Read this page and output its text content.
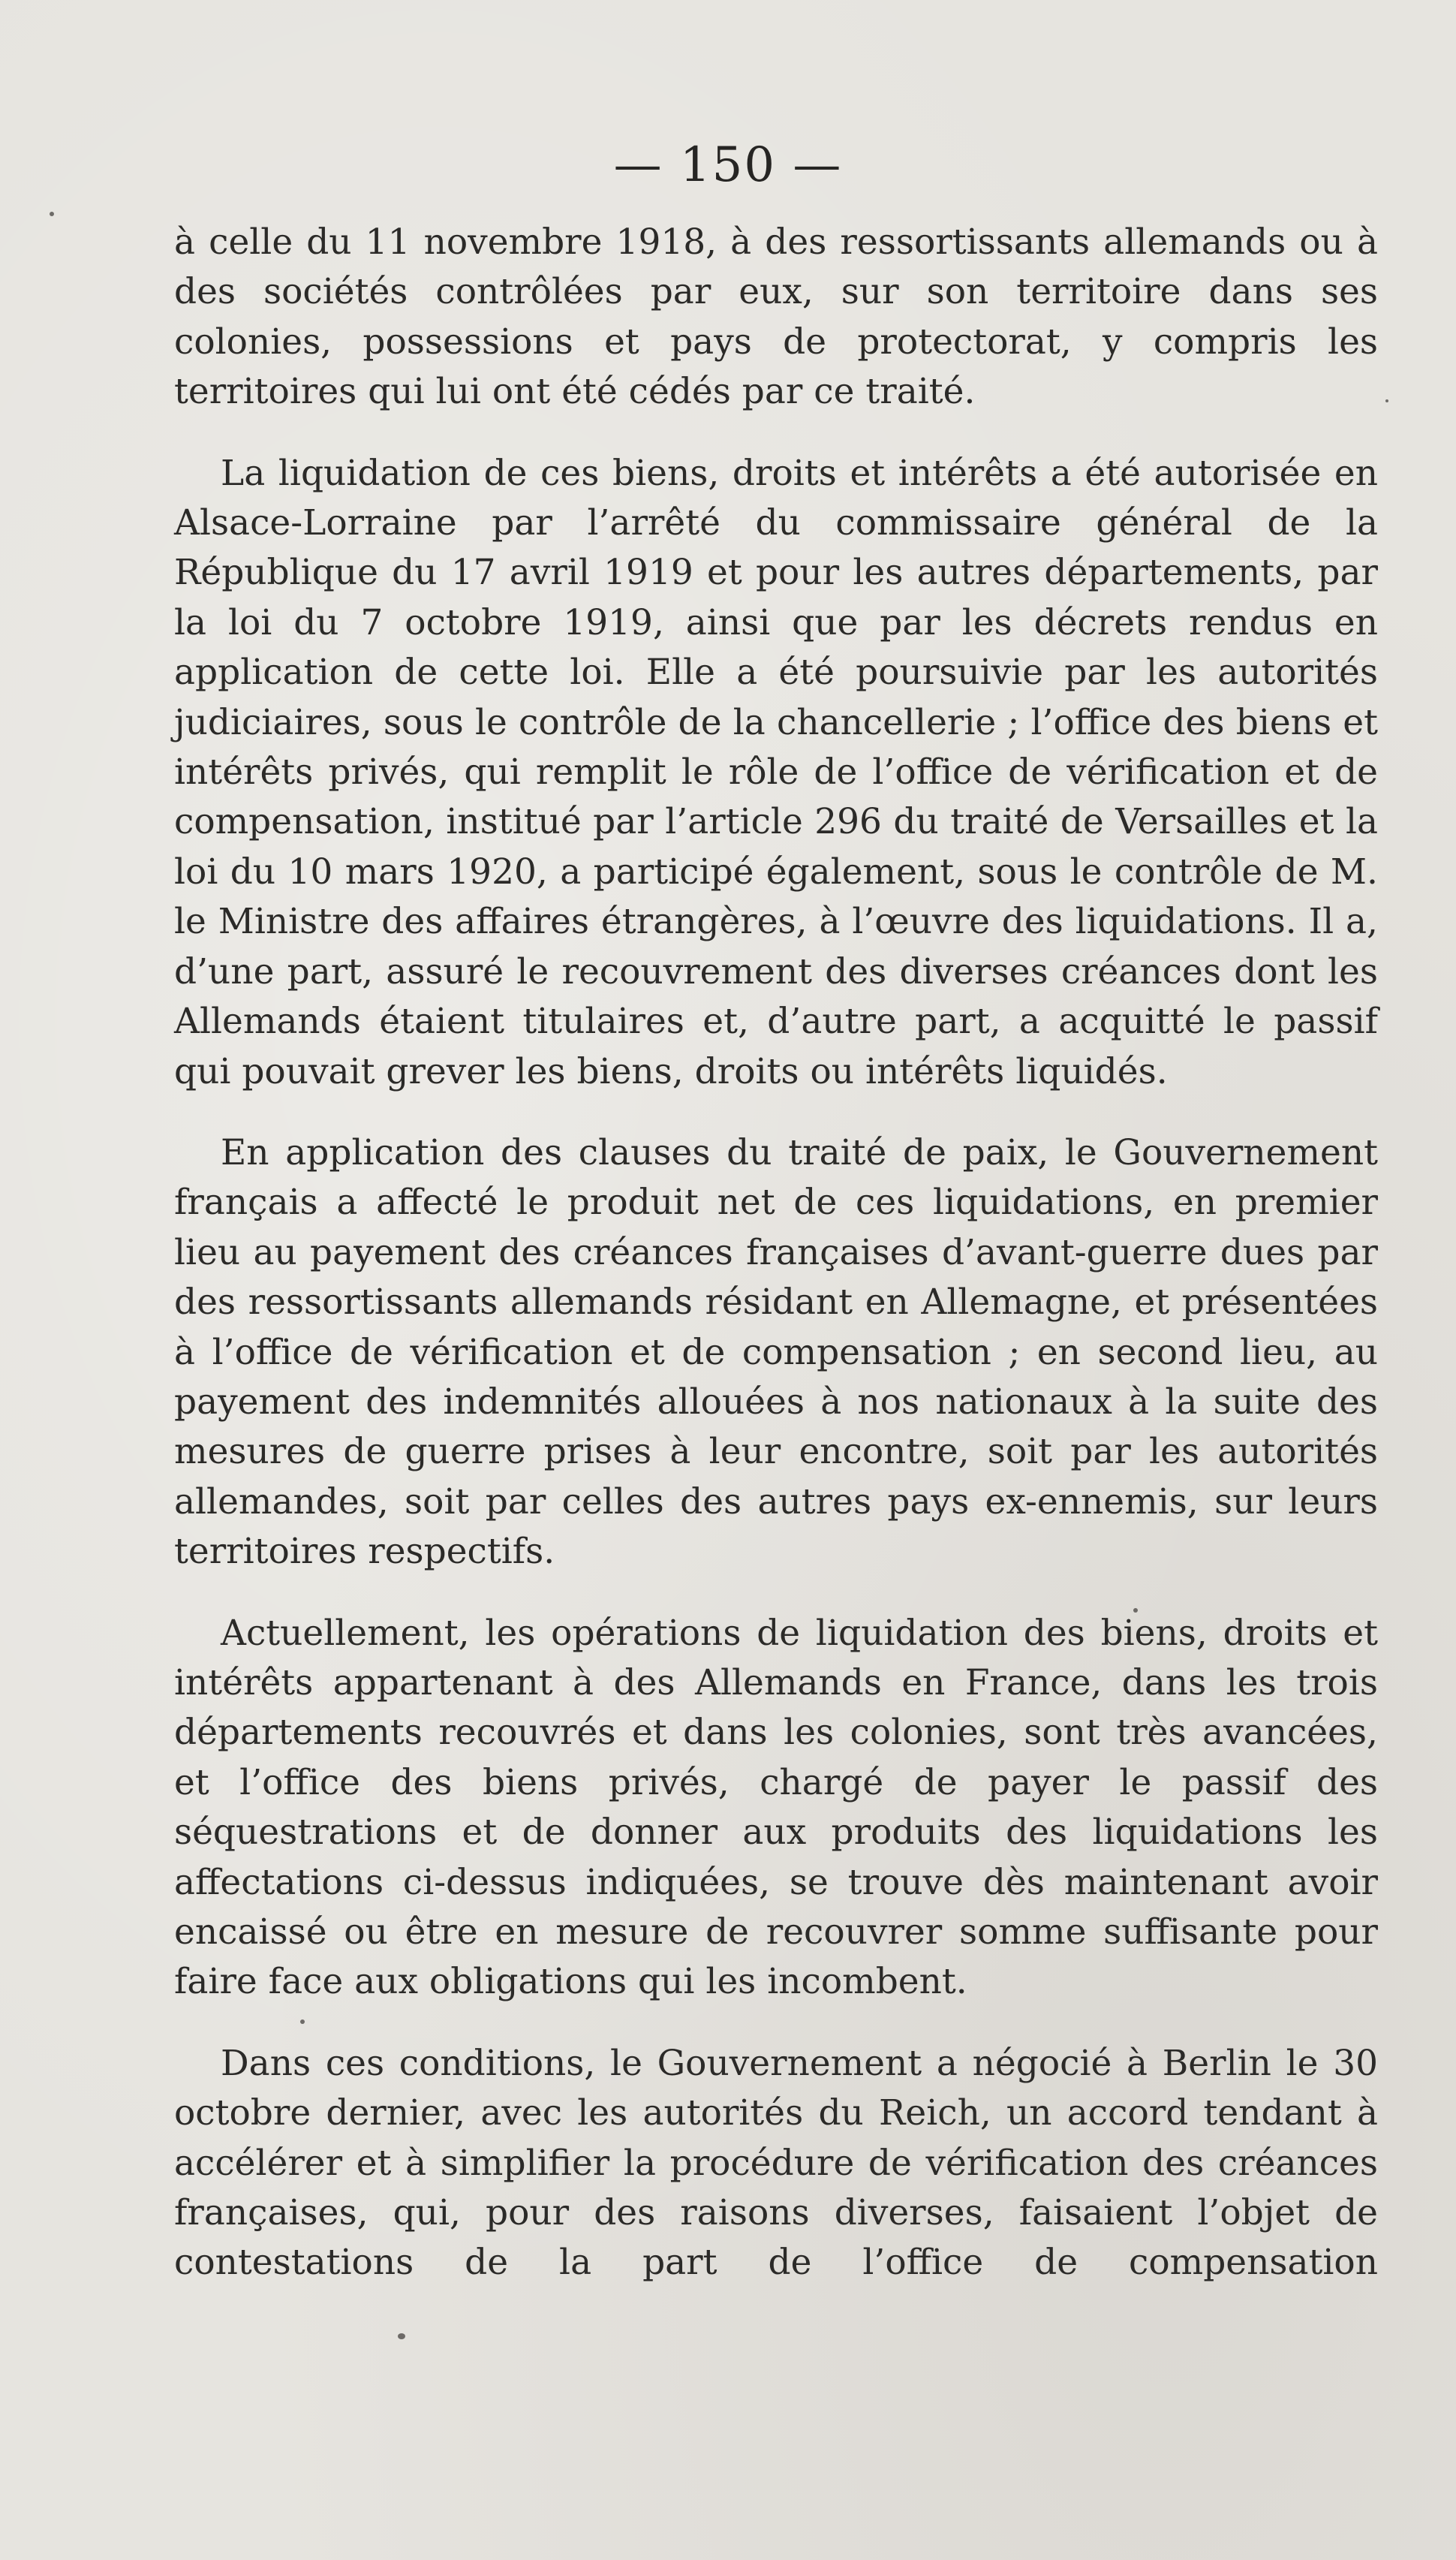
— 150 —

à celle du 11 novembre 1918, à des ressortissants allemands ou à des sociétés contrôlées par eux, sur son territoire dans ses colonies, possessions et pays de protectorat, y compris les territoires qui lui ont été cédés par ce traité.

La liquidation de ces biens, droits et intérêts a été autorisée en Alsace-Lorraine par l’arrêté du commissaire général de la République du 17 avril 1919 et pour les autres départements, par la loi du 7 octobre 1919, ainsi que par les décrets rendus en application de cette loi. Elle a été poursuivie par les autorités judiciaires, sous le contrôle de la chancellerie ; l’office des biens et intérêts privés, qui remplit le rôle de l’office de vérification et de compensation, institué par l’article 296 du traité de Versailles et la loi du 10 mars 1920, a participé également, sous le contrôle de M. le Ministre des affaires étrangères, à l’œuvre des liquidations. Il a, d’une part, assuré le recouvrement des diverses créances dont les Allemands étaient titulaires et, d’autre part, a acquitté le passif qui pouvait grever les biens, droits ou intérêts liquidés.

En application des clauses du traité de paix, le Gouvernement français a affecté le produit net de ces liquidations, en premier lieu au payement des créances françaises d’avant-guerre dues par des ressortissants allemands résidant en Allemagne, et présentées à l’office de vérification et de compensation ; en second lieu, au payement des indemnités allouées à nos nationaux à la suite des mesures de guerre prises à leur encontre, soit par les autorités allemandes, soit par celles des autres pays ex-ennemis, sur leurs territoires respectifs.

Actuellement, les opérations de liquidation des biens, droits et intérêts appartenant à des Allemands en France, dans les trois départements recouvrés et dans les colonies, sont très avancées, et l’office des biens privés, chargé de payer le passif des séquestrations et de donner aux produits des liquidations les affectations ci-dessus indiquées, se trouve dès maintenant avoir encaissé ou être en mesure de recouvrer somme suffisante pour faire face aux obligations qui les incombent.

Dans ces conditions, le Gouvernement a négocié à Berlin le 30 octobre dernier, avec les autorités du Reich, un accord tendant à accélérer et à simplifier la procédure de vérification des créances françaises, qui, pour des raisons diverses, faisaient l’objet de contestations de la part de l’office de compensation
